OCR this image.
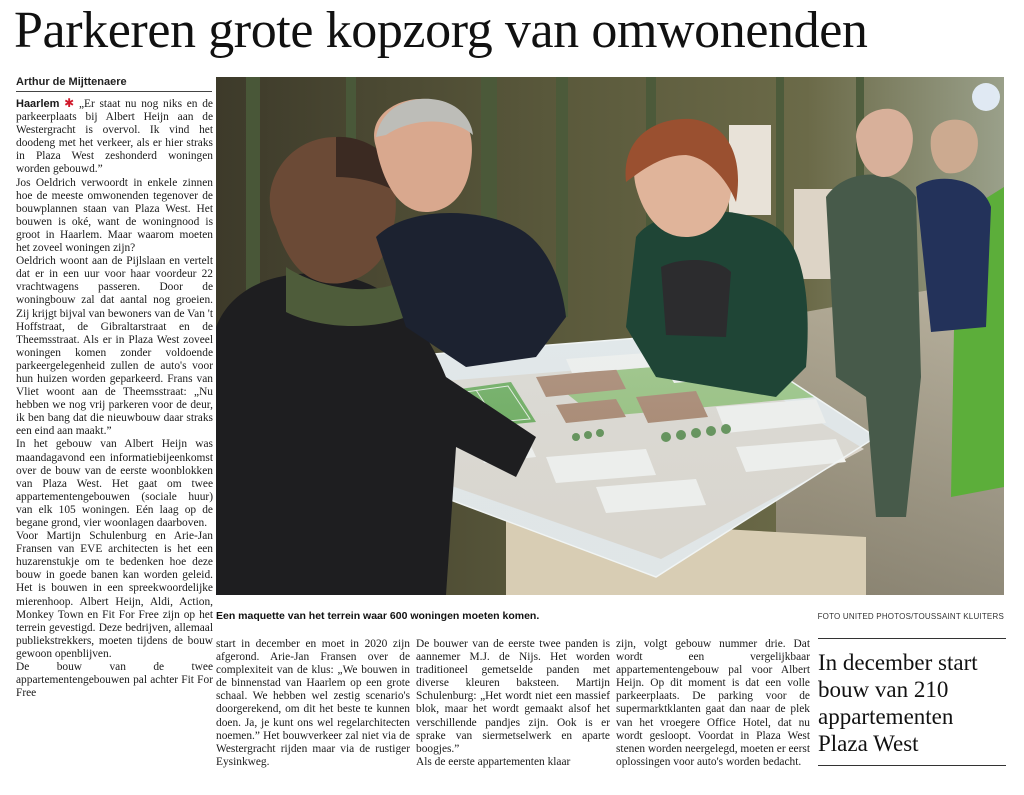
Parkeren grote kopzorg van omwonenden
Arthur de Mijttenaere

Haarlem ✱ „Er staat nu nog niks en de parkeerplaats bij Albert Heijn aan de Westergracht is overvol. Ik vind het doodeng met het verkeer, als er hier straks in Plaza West zeshonderd woningen worden gebouwd.”

Jos Oeldrich verwoordt in enkele zinnen hoe de meeste omwonenden tegenover de bouwplannen staan van Plaza West. Het bouwen is oké, want de woningnood is groot in Haarlem. Maar waarom moeten het zoveel woningen zijn?

Oeldrich woont aan de Pijlslaan en vertelt dat er in een uur voor haar voordeur 22 vrachtwagens passeren. Door de woningbouw zal dat aantal nog groeien. Zij krijgt bijval van bewoners van de Van 't Hoffstraat, de Gibraltarstraat en de Theemsstraat. Als er in Plaza West zoveel woningen komen zonder voldoende parkeergelegenheid zullen de auto's voor hun huizen worden geparkeerd. Frans van Vliet woont aan de Theemsstraat: „Nu hebben we nog vrij parkeren voor de deur, ik ben bang dat die nieuwbouw daar straks een eind aan maakt.”

In het gebouw van Albert Heijn was maandagavond een informatiebijeenkomst over de bouw van de eerste woonblokken van Plaza West. Het gaat om twee appartementengebouwen (sociale huur) van elk 105 woningen. Eén laag op de begane grond, vier woonlagen daarboven.

Voor Martijn Schulenburg en Arie-Jan Fransen van EVE architecten is het een huzarenstukje om te bedenken hoe deze bouw in goede banen kan worden geleid. Het is bouwen in een spreekwoordelijke mierenhoop. Albert Heijn, Aldi, Action, Monkey Town en Fit For Free zijn op het terrein gevestigd. Deze bedrijven, allemaal publiekstrekkers, moeten tijdens de bouw gewoon openblijven.

De bouw van de twee appartementengebouwen pal achter Fit For Free

Een maquette van het terrein waar 600 woningen moeten komen.	FOTO UNITED PHOTOS/TOUSSAINT KLUITERS

start in december en moet in 2020 zijn afgerond. Arie-Jan Fransen over de complexiteit van de klus: „We bouwen in de binnenstad van Haarlem op een grote schaal. We hebben wel zestig scenario's doorgerekend, om dit het beste te kunnen doen. Ja, je kunt ons wel regelarchitecten noemen.” Het bouwverkeer zal niet via de Westergracht rijden maar via de rustiger Eysinkweg.

De bouwer van de eerste twee panden is aannemer M.J. de Nijs. Het worden traditioneel gemetselde panden met diverse kleuren baksteen. Martijn Schulenburg: „Het wordt niet een massief blok, maar het wordt gemaakt alsof het verschillende pandjes zijn. Ook is er sprake van siermetselwerk en aparte boogjes.”

Als de eerste appartementen klaar

zijn, volgt gebouw nummer drie. Dat wordt een vergelijkbaar appartementengebouw pal voor Albert Heijn. Op dit moment is dat een volle parkeerplaats. De parking voor de supermarktklanten gaat dan naar de plek van het vroegere Office Hotel, dat nu wordt gesloopt. Voordat in Plaza West stenen worden neergelegd, moeten er eerst oplossingen voor auto's worden bedacht.

In december start bouw van 210 appartementen Plaza West
